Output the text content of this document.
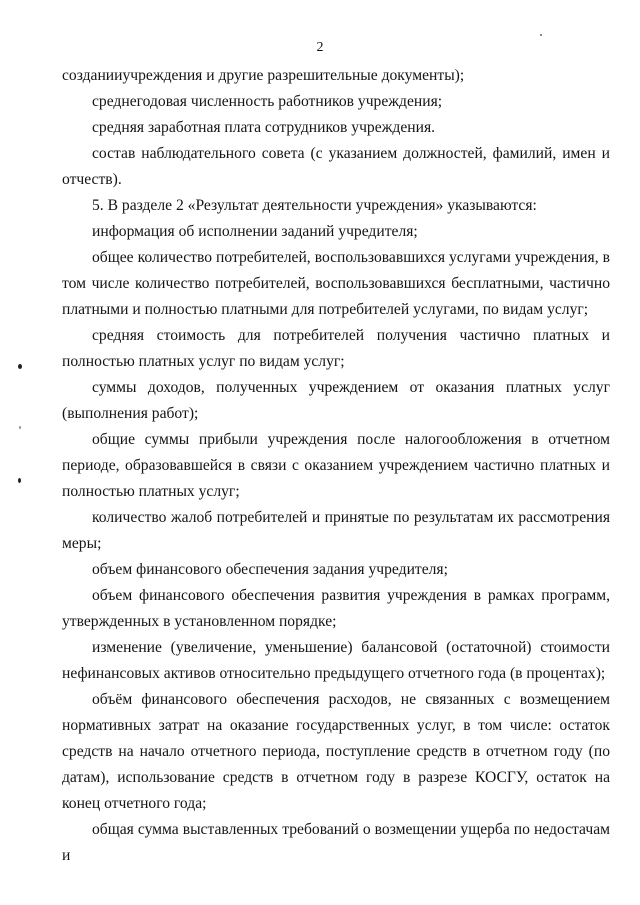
2

созданииучреждения и другие разрешительные документы);

среднегодовая численность работников учреждения;

средняя заработная плата сотрудников учреждения.

состав наблюдательного совета (с указанием должностей, фамилий, имен и отчеств).

5. В разделе 2 «Результат деятельности учреждения» указываются:

информация об исполнении заданий учредителя;

общее количество потребителей, воспользовавшихся услугами учреждения, в том числе количество потребителей, воспользовавшихся бесплатными, частично платными и полностью платными для потребителей услугами, по видам услуг;

средняя стоимость для потребителей получения частично платных и полностью платных услуг по видам услуг;

суммы доходов, полученных учреждением от оказания платных услуг (выполнения работ);

общие суммы прибыли учреждения после налогообложения в отчетном периоде, образовавшейся в связи с оказанием учреждением частично платных и полностью платных услуг;

количество жалоб потребителей и принятые по результатам их рассмотрения меры;

объем финансового обеспечения задания учредителя;

объем финансового обеспечения развития учреждения в рамках программ, утвержденных в установленном порядке;

изменение (увеличение, уменьшение) балансовой (остаточной) стоимости нефинансовых активов относительно предыдущего отчетного года (в процентах);

объём финансового обеспечения расходов, не связанных с возмещением нормативных затрат на оказание государственных услуг, в том числе: остаток средств на начало отчетного периода, поступление средств в отчетном году (по датам), использование средств в отчетном году в разрезе КОСГУ, остаток на конец отчетного года;

общая сумма выставленных требований о возмещении ущерба по недостачам и
